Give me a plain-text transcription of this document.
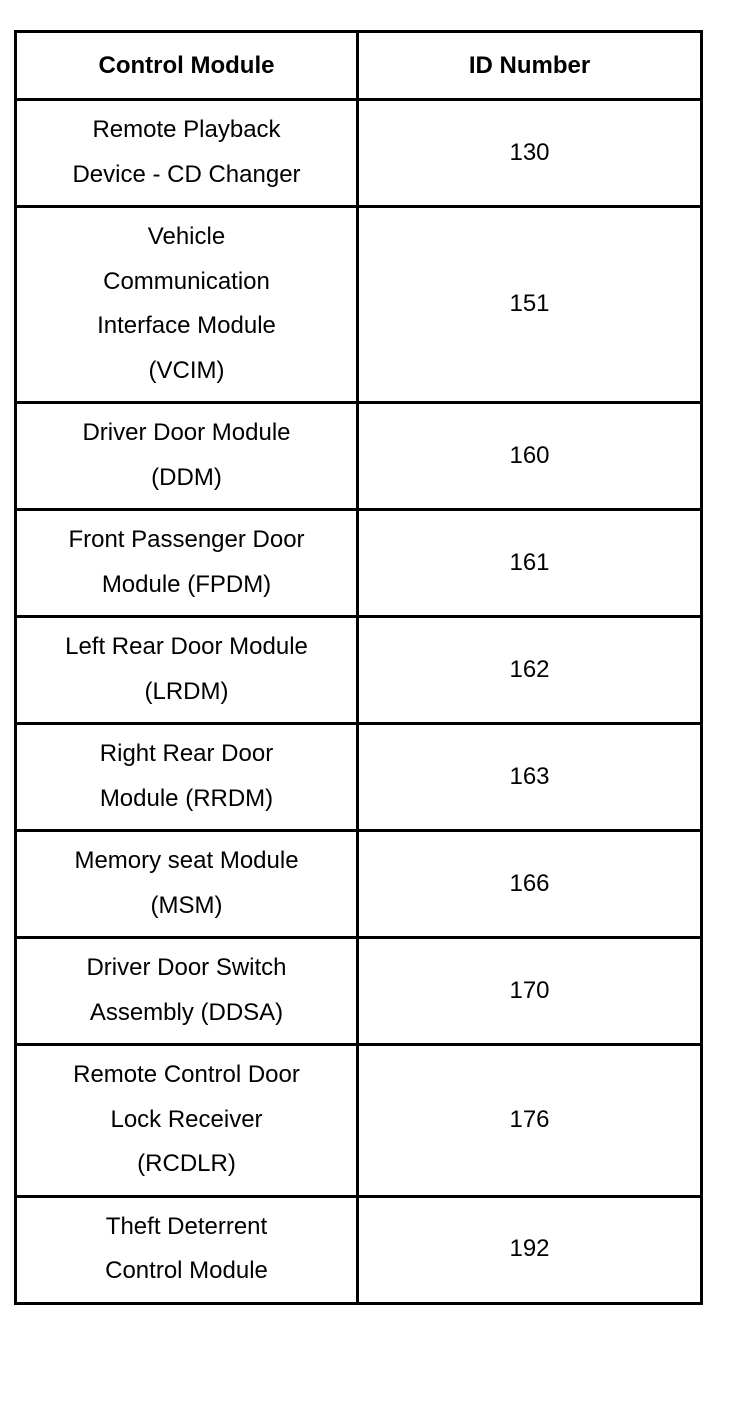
Control Module	ID Number

Remote Playback
Device - CD Changer	130

Vehicle
Communication
Interface Module
(VCIM)	151

Driver Door Module
(DDM)	160

Front Passenger Door
Module (FPDM)	161

Left Rear Door Module
(LRDM)	162

Right Rear Door
Module (RRDM)	163

Memory seat Module
(MSM)	166

Driver Door Switch
Assembly (DDSA)	170

Remote Control Door
Lock Receiver
(RCDLR)	176

Theft Deterrent
Control Module	192
